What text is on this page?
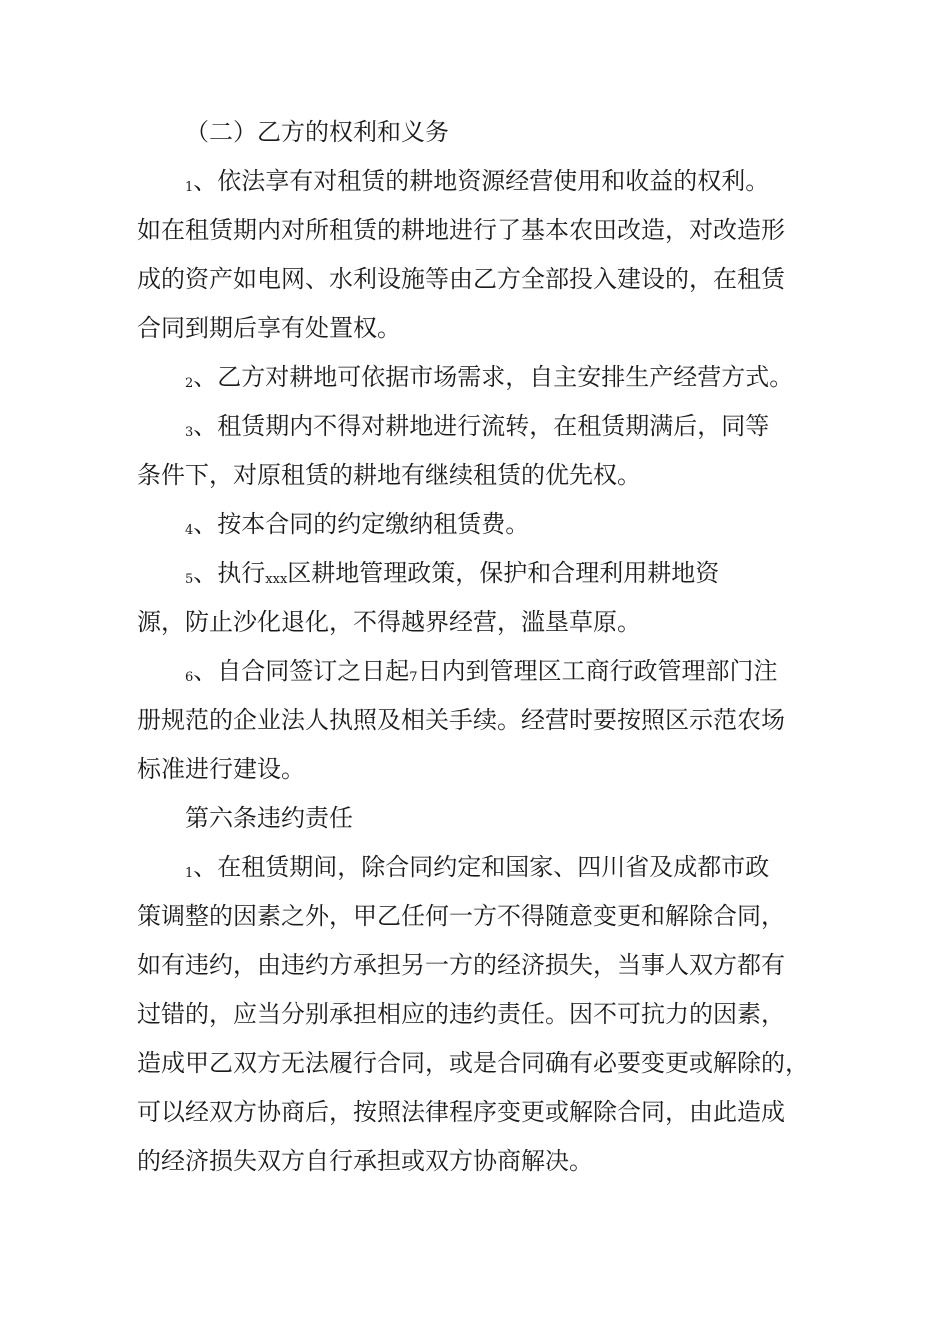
（二）乙方的权利和义务
1、依法享有对租赁的耕地资源经营使用和收益的权利。
如在租赁期内对所租赁的耕地进行了基本农田改造，对改造形
成的资产如电网、水利设施等由乙方全部投入建设的，在租赁
合同到期后享有处置权。
2、乙方对耕地可依据市场需求，自主安排生产经营方式。
3、租赁期内不得对耕地进行流转，在租赁期满后，同等
条件下，对原租赁的耕地有继续租赁的优先权。
4、按本合同的约定缴纳租赁费。
5、执行xxx区耕地管理政策，保护和合理利用耕地资
源，防止沙化退化，不得越界经营，滥垦草原。
6、自合同签订之日起7日内到管理区工商行政管理部门注
册规范的企业法人执照及相关手续。经营时要按照区示范农场
标准进行建设。
第六条违约责任
1、在租赁期间，除合同约定和国家、四川省及成都市政
策调整的因素之外，甲乙任何一方不得随意变更和解除合同，
如有违约，由违约方承担另一方的经济损失，当事人双方都有
过错的，应当分别承担相应的违约责任。因不可抗力的因素，
造成甲乙双方无法履行合同，或是合同确有必要变更或解除的，
可以经双方协商后，按照法律程序变更或解除合同，由此造成
的经济损失双方自行承担或双方协商解决。
